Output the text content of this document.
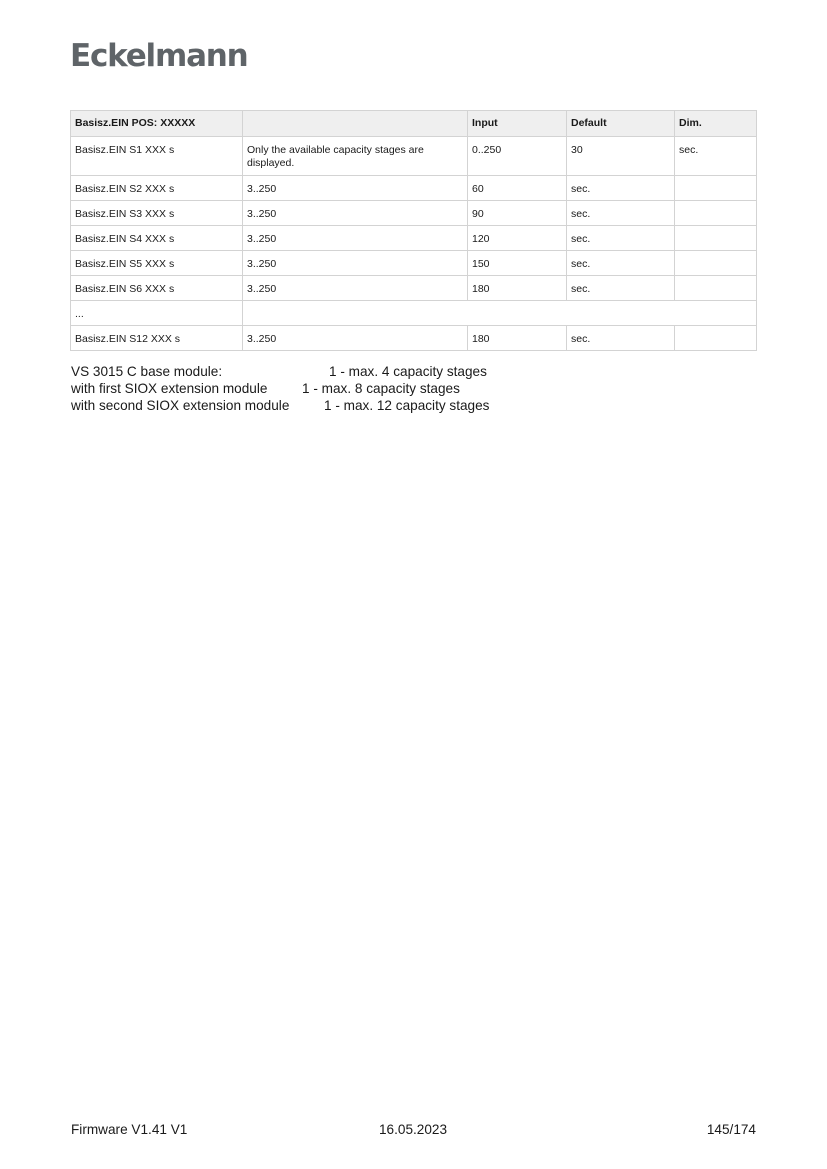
Eckelmann
Basisz.EIN POS: XXXXX		Input	Default	Dim.
Basisz.EIN S1 XXX s	Only the available capacity stages are displayed.	0..250	30	sec.
Basisz.EIN S2 XXX s	3..250	60	sec.	
Basisz.EIN S3 XXX s	3..250	90	sec.	
Basisz.EIN S4 XXX s	3..250	120	sec.	
Basisz.EIN S5 XXX s	3..250	150	sec.	
Basisz.EIN S6 XXX s	3..250	180	sec.	
...				
Basisz.EIN S12 XXX s	3..250	180	sec.	
VS 3015 C base module:	1 - max. 4 capacity stages
with first SIOX extension module	1 - max. 8 capacity stages
with second SIOX extension module	1 - max. 12 capacity stages
Firmware V1.41 V1	16.05.2023	145/174
